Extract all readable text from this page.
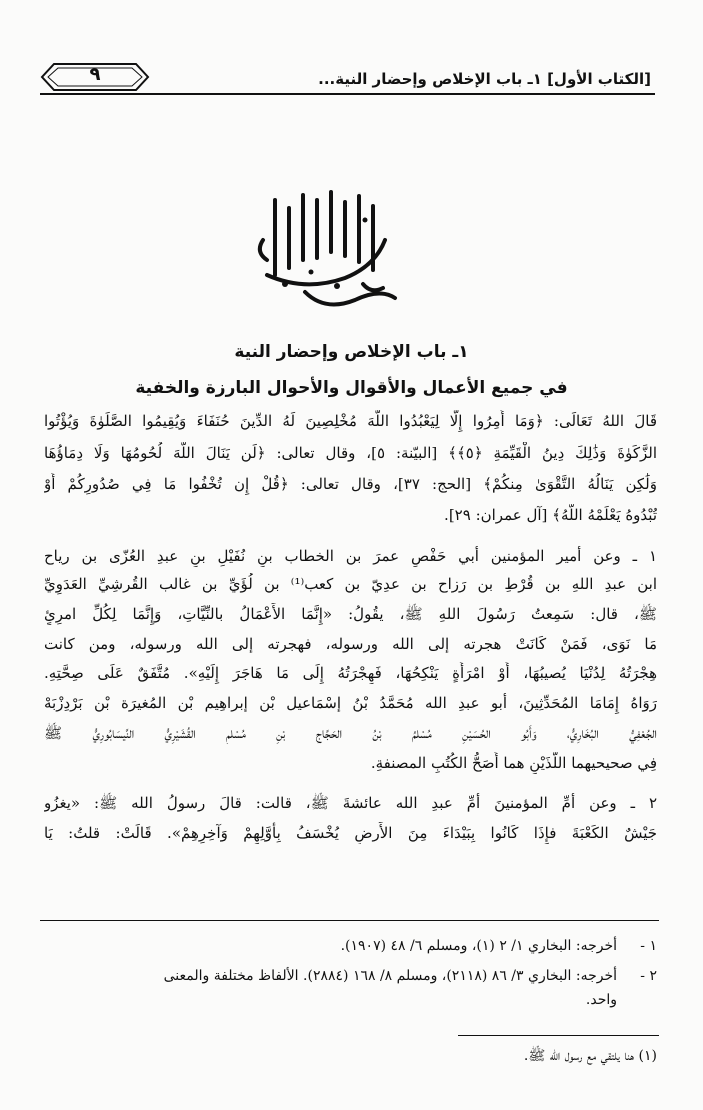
٩	[الكتاب الأول] ١ـ باب الإخلاص وإحضار النية...
١ـ باب الإخلاص وإحضار النية
في جميع الأعمال والأقوال والأحوال البارزة والخفية
قَالَ اللهُ تَعَالَى: ﴿وَمَا أُمِرُوا إِلَّا لِيَعْبُدُوا اللَّهَ مُخْلِصِينَ لَهُ الدِّينَ حُنَفَاءَ وَيُقِيمُوا الصَّلَوٰةَ وَيُؤْتُوا
الزَّكَوٰةَ وَذَٰلِكَ دِينُ الْقَيِّمَةِ ﴿٥﴾﴾ [البيّنة: ٥]، وقال تعالى: ﴿لَن يَنَالَ اللَّهَ لُحُومُهَا وَلَا دِمَاؤُهَا
وَلَٰكِن يَنَالُهُ التَّقْوَىٰ مِنكُمْ﴾ [الحج: ٣٧]، وقال تعالى: ﴿قُلْ إِن تُخْفُوا مَا فِي صُدُورِكُمْ أَوْ
تُبْدُوهُ يَعْلَمْهُ اللَّهُ﴾ [آل عمران: ٢٩].
١ ـ وعن أمير المؤمنين أبي حَفْصٍ عمرَ بن الخطاب بنِ نُفَيْلِ بنِ عبدِ العُزّى بن رياح
ابن عبدِ اللهِ بن قُرْطِ بن رَزاح بن عدِيّ بن كعب⁽¹⁾ بن لُؤَيِّ بن غالب القُرشِيِّ العَدَوِيِّ
ﷺ، قال: سَمِعتُ رَسُولَ اللهِ ﷺ، يقُولُ: «إِنَّمَا الأَعْمَالُ بالنِّيَّاتِ، وَإِنَّمَا لِكُلِّ امرِئٍ
مَا نَوَى، فَمَنْ كَانَتْ هجرته إلى الله ورسوله، فهجرته إلى الله ورسوله، ومن كانت
هِجْرَتُهُ لِدُنْيَا يُصيبُهَا، أَوْ امْرَأَةٍ يَنْكِحُهَا، فَهِجْرَتُهُ إِلَى مَا هَاجَرَ إِلَيْهِ». مُتَّفَقٌ عَلَى صِحَّتِهِ.
رَوَاهُ إِمَامَا المُحَدِّثِينَ، أبو عبدِ الله مُحَمَّدُ بْنُ إسْمَاعيل بْن إبراهِيم بْن المُغيرَة بْن بَرْدِزْبَهْ
الجُعْفِيُّ البُخَارِيُّ، وَأَبُو الحُسَيْنِ مُسْلمُ بْنُ الحَجَّاجِ بْنِ مُسْلمٍ القُشَيْرِيُّ النَّيسَابُورِيُّ ﷺ
فِي صحيحيهما اللَّذَيْنِ هما أَصَحُّ الكُتُبِ المصنفةِ.
٢ ـ وعن أمِّ المؤمنينَ أمِّ عبدِ الله عائشةَ ﷺ، قالت: قالَ رسولُ الله ﷺ: «يغزُو
جَيْشٌ الكَعْبَةَ فإِذَا كَانُوا بِبَيْدَاءَ مِنَ الأَرضِ يُخْسَفُ بِأَوَّلِهِمْ وَآخِرِهِمْ». قَالَتْ: قلتُ: يَا
١ -أخرجه: البخاري ١/ ٢ (١)، ومسلم ٦/ ٤٨ (١٩٠٧).
٢ -أخرجه: البخاري ٣/ ٨٦ (٢١١٨)، ومسلم ٨/ ١٦٨ (٢٨٨٤). الألفاظ مختلفة والمعنى
واحد.
(١) هنا يلتقي مع رسول الله ﷺ.
